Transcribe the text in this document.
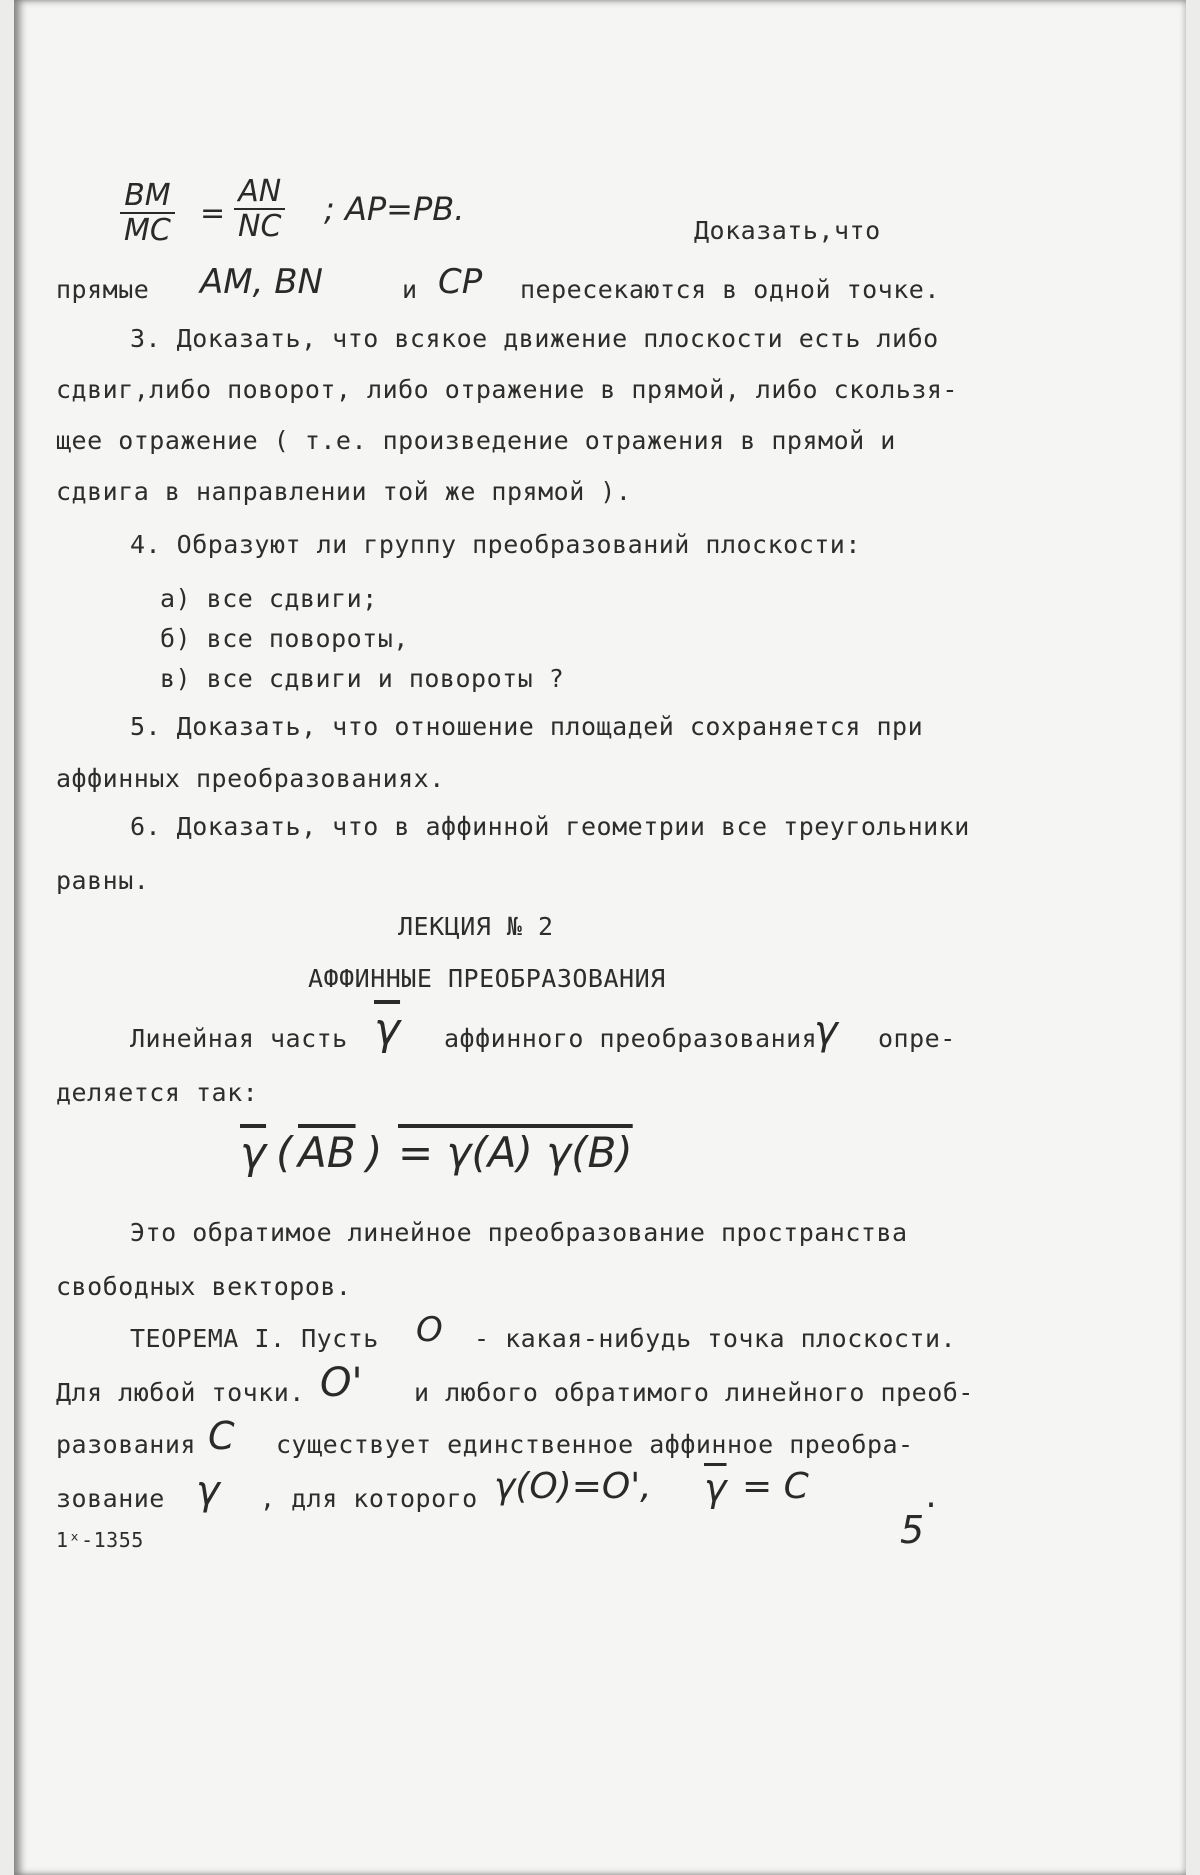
$\frac{BM}{MC} = \frac{AN}{NC}$ ; AP=PB.
Доказать,что
прямые AM, BN	и CP пересекаются в одной точке.
3. Доказать, что всякое движение плоскости есть либо
сдвиг,либо поворот, либо отражение в прямой, либо скользя-
щее отражение ( т.е. произведение отражения в прямой и
сдвига в направлении той же прямой ).
4. Образуют ли группу преобразований плоскости:
а) все сдвиги;
б) все повороты,
в) все сдвиги и повороты ?
5. Доказать, что отношение площадей сохраняется при
аффинных преобразованиях.
6. Доказать, что в аффинной геометрии все треугольники
равны.
ЛЕКЦИЯ № 2
АФФИННЫЕ ПРЕОБРАЗОВАНИЯ
Линейная часть $\overline{\gamma}$ аффинного преобразования
γ опре-
деляется так:
$\overline{\gamma}$ ( $\overline{AB}$ ) = γ(A) γ(B)
Это обратимое линейное преобразование пространства
свободных векторов.
ТЕОРЕМА I. Пусть O - какая-нибудь точка плоскости.
Для любой точки. O' и любого обратимого линейного преоб-
разования C существует единственное аффинное преобра-
зование γ , для которого γ(O)=O', $\overline{\gamma} = C$	.
1ˣ-1355	5
